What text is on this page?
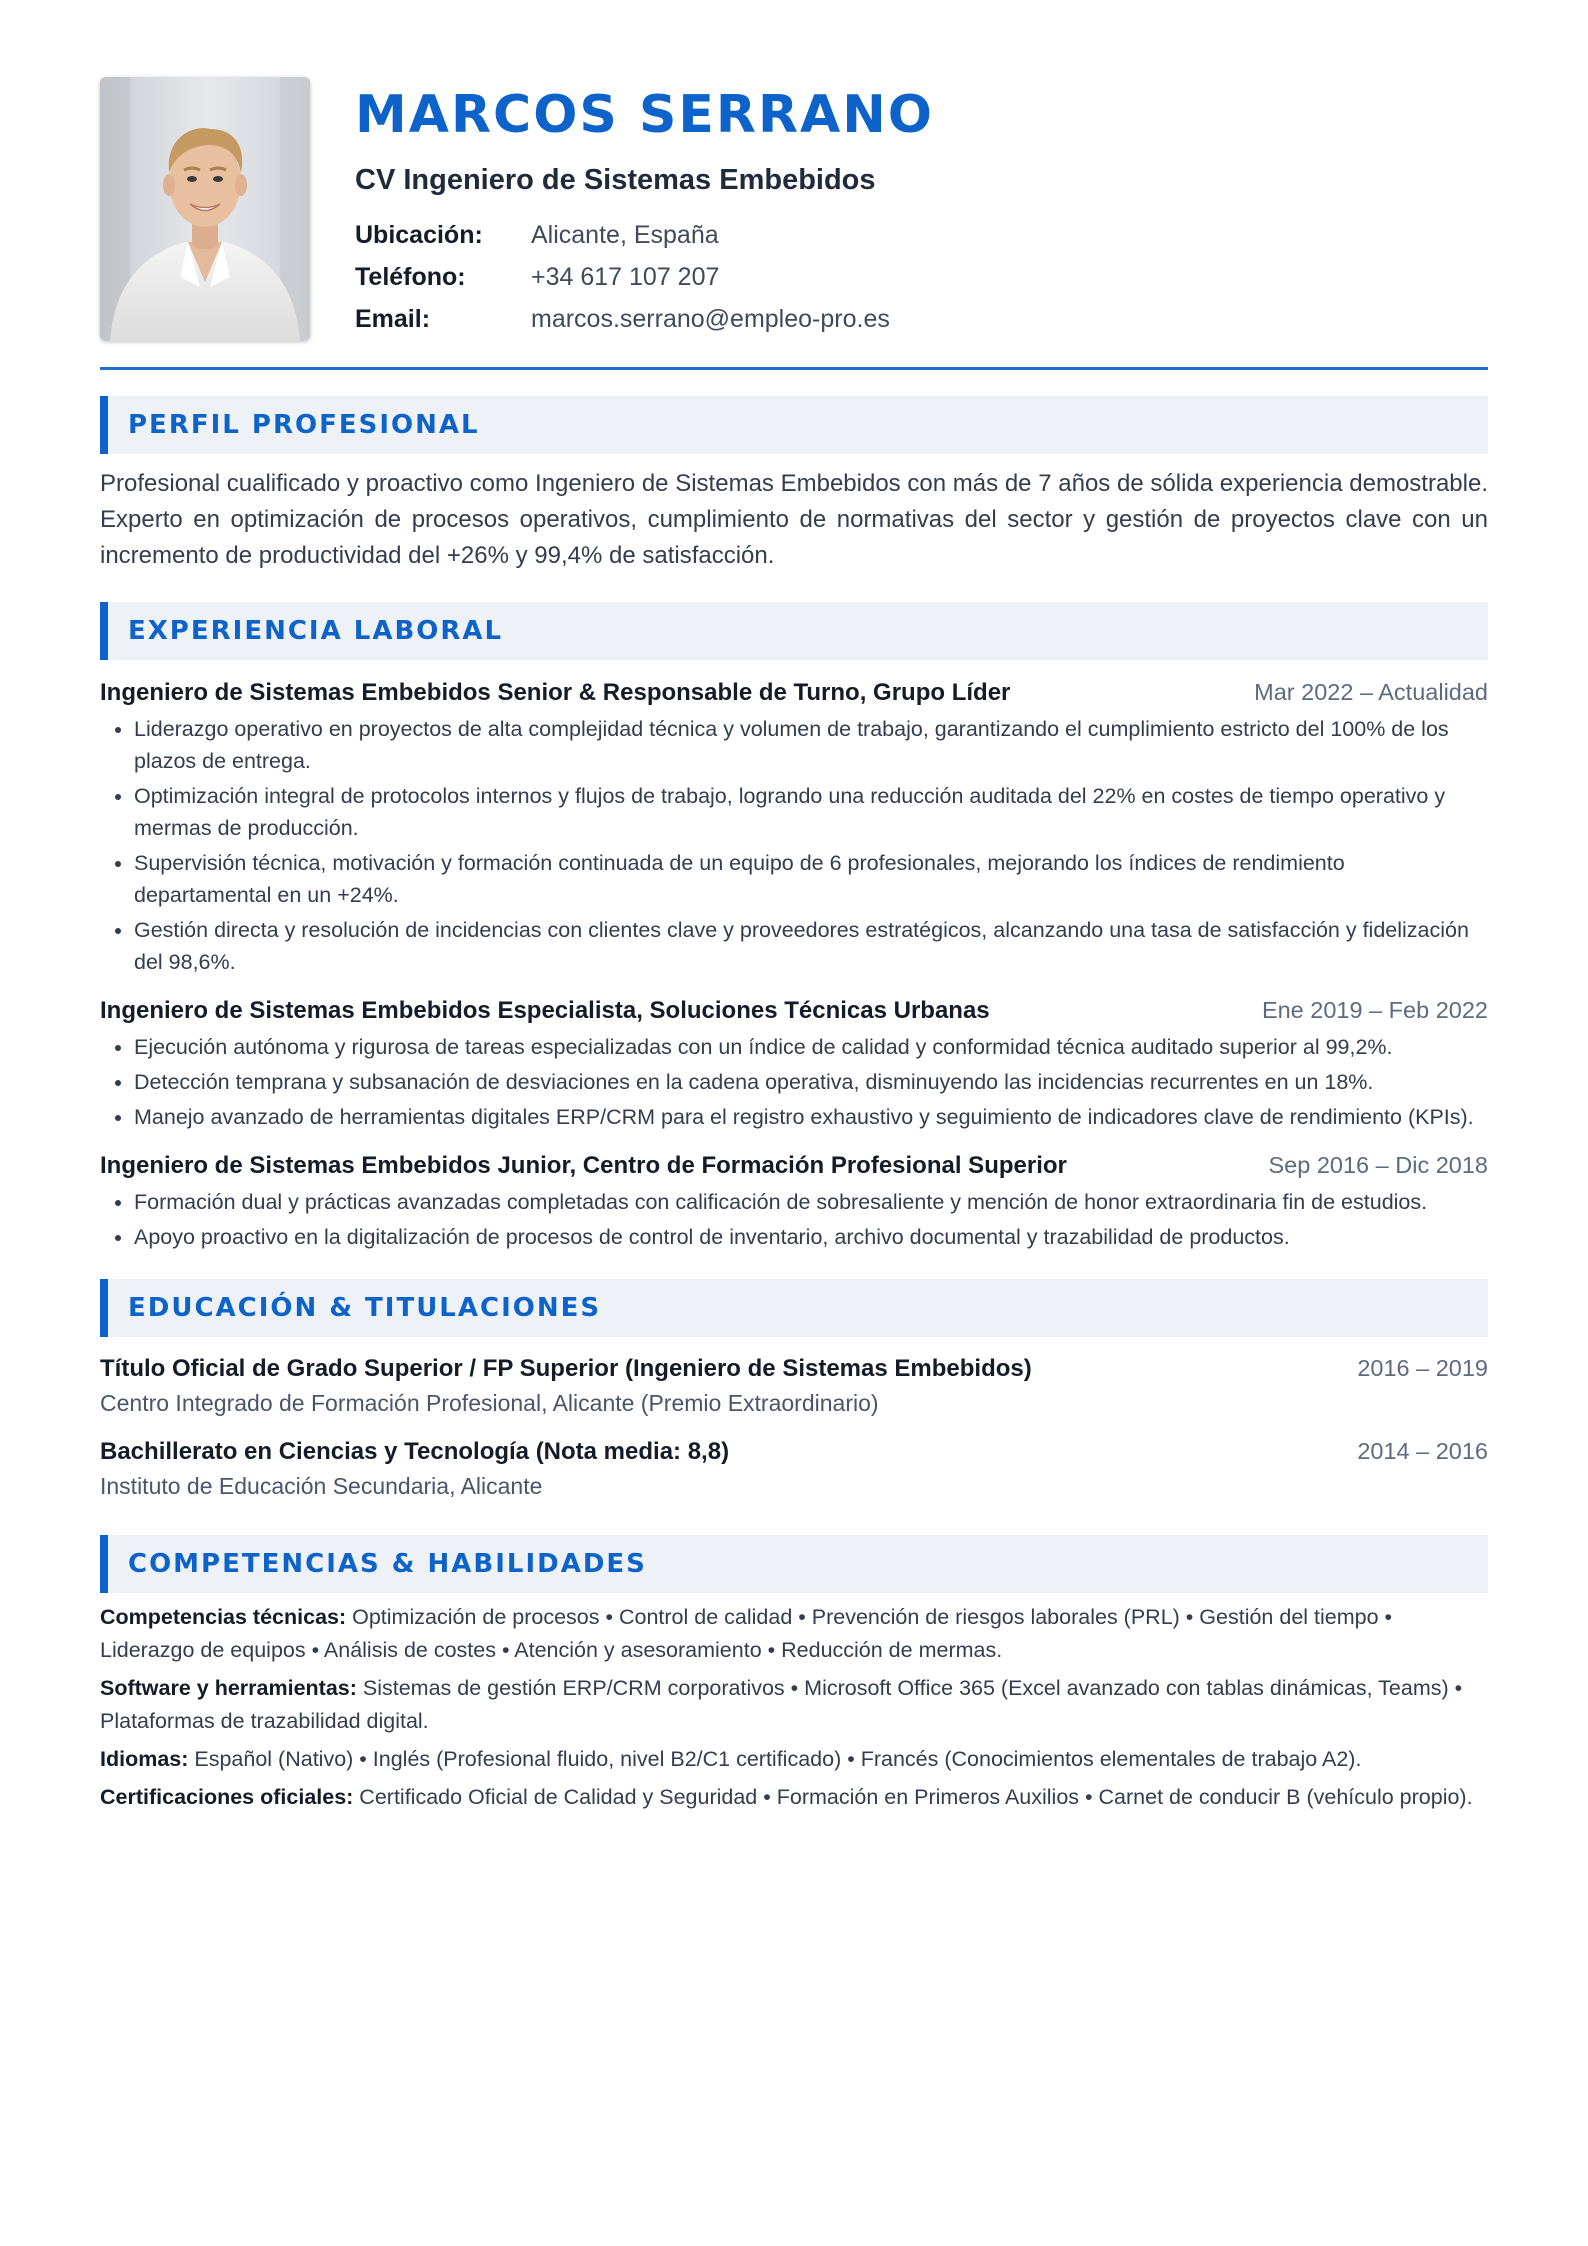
MARCOS SERRANO
CV Ingeniero de Sistemas Embebidos
Ubicación:	Alicante, España
Teléfono:	+34 617 107 207
Email:	marcos.serrano@empleo-pro.es
PERFIL PROFESIONAL
Profesional cualificado y proactivo como Ingeniero de Sistemas Embebidos con más de 7 años de sólida experiencia demostrable. Experto en optimización de procesos operativos, cumplimiento de normativas del sector y gestión de proyectos clave con un incremento de productividad del +26% y 99,4% de satisfacción.
EXPERIENCIA LABORAL
Ingeniero de Sistemas Embebidos Senior & Responsable de Turno, Grupo Líder	Mar 2022 – Actualidad
• Liderazgo operativo en proyectos de alta complejidad técnica y volumen de trabajo, garantizando el cumplimiento estricto del 100% de los plazos de entrega.
• Optimización integral de protocolos internos y flujos de trabajo, logrando una reducción auditada del 22% en costes de tiempo operativo y mermas de producción.
• Supervisión técnica, motivación y formación continuada de un equipo de 6 profesionales, mejorando los índices de rendimiento departamental en un +24%.
• Gestión directa y resolución de incidencias con clientes clave y proveedores estratégicos, alcanzando una tasa de satisfacción y fidelización del 98,6%.
Ingeniero de Sistemas Embebidos Especialista, Soluciones Técnicas Urbanas	Ene 2019 – Feb 2022
• Ejecución autónoma y rigurosa de tareas especializadas con un índice de calidad y conformidad técnica auditado superior al 99,2%.
• Detección temprana y subsanación de desviaciones en la cadena operativa, disminuyendo las incidencias recurrentes en un 18%.
• Manejo avanzado de herramientas digitales ERP/CRM para el registro exhaustivo y seguimiento de indicadores clave de rendimiento (KPIs).
Ingeniero de Sistemas Embebidos Junior, Centro de Formación Profesional Superior	Sep 2016 – Dic 2018
• Formación dual y prácticas avanzadas completadas con calificación de sobresaliente y mención de honor extraordinaria fin de estudios.
• Apoyo proactivo en la digitalización de procesos de control de inventario, archivo documental y trazabilidad de productos.
EDUCACIÓN & TITULACIONES
Título Oficial de Grado Superior / FP Superior (Ingeniero de Sistemas Embebidos)	2016 – 2019
Centro Integrado de Formación Profesional, Alicante (Premio Extraordinario)
Bachillerato en Ciencias y Tecnología (Nota media: 8,8)	2014 – 2016
Instituto de Educación Secundaria, Alicante
COMPETENCIAS & HABILIDADES
Competencias técnicas: Optimización de procesos • Control de calidad • Prevención de riesgos laborales (PRL) • Gestión del tiempo • Liderazgo de equipos • Análisis de costes • Atención y asesoramiento • Reducción de mermas.
Software y herramientas: Sistemas de gestión ERP/CRM corporativos • Microsoft Office 365 (Excel avanzado con tablas dinámicas, Teams) • Plataformas de trazabilidad digital.
Idiomas: Español (Nativo) • Inglés (Profesional fluido, nivel B2/C1 certificado) • Francés (Conocimientos elementales de trabajo A2).
Certificaciones oficiales: Certificado Oficial de Calidad y Seguridad • Formación en Primeros Auxilios • Carnet de conducir B (vehículo propio).
